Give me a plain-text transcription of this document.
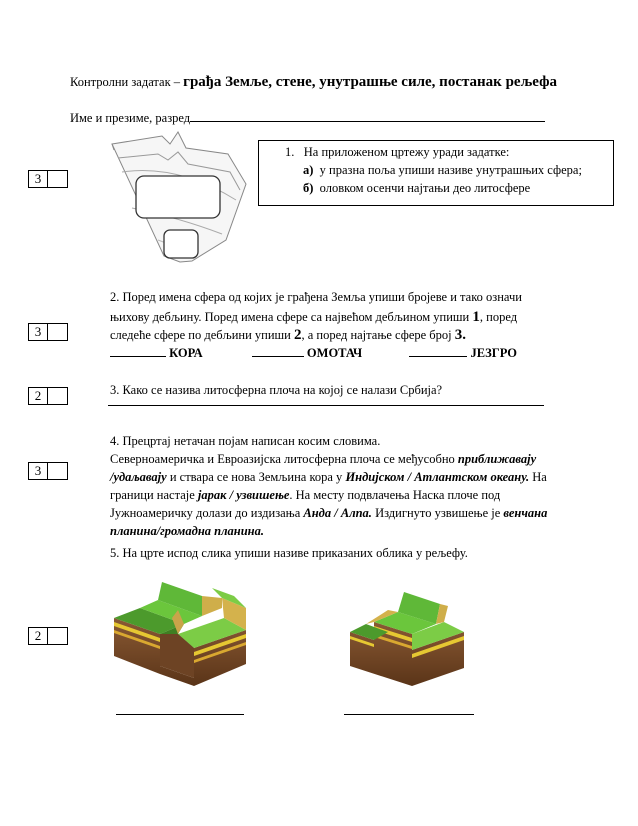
Контролни задатак – грађа Земље, стене, унутрашње силе, постанак рељефа
Име и презиме, разред
3
3
2
3
2
1. На приложеном цртежу уради задатке:
а) у празна поља упиши називе унутрашњих сфера;
б) оловком осенчи најтањи део литосфере

2. Поред имена сфера од којих је грађена Земља упиши бројеве и тако означи

њихову дебљину. Поред имена сфере са највећом дебљином упиши 1, поред

следеће сфере по дебљини упиши 2, а поред најтање сфере број 3.

КОРА	ОМОТАЧ	ЈЕЗГРО

3. Како се назива литосферна плоча на којој се налази Србија?

4. Прецртај нетачан појам написан косим словима.

Северноамеричка и Евроазијска литосферна плоча се међусобно приближавају

/удаљавају и ствара се нова Земљина кора у Индијском / Атлантском океану. На

граници настаје јарак / узвишење. На месту подвлачења Наска плоче под

Јужноамеричку долази до издизања Анда / Алпа. Издигнуто узвишење је венчана

планина/громадна планина.

5. На црте испод слика упиши називе приказаних облика у рељефу.
